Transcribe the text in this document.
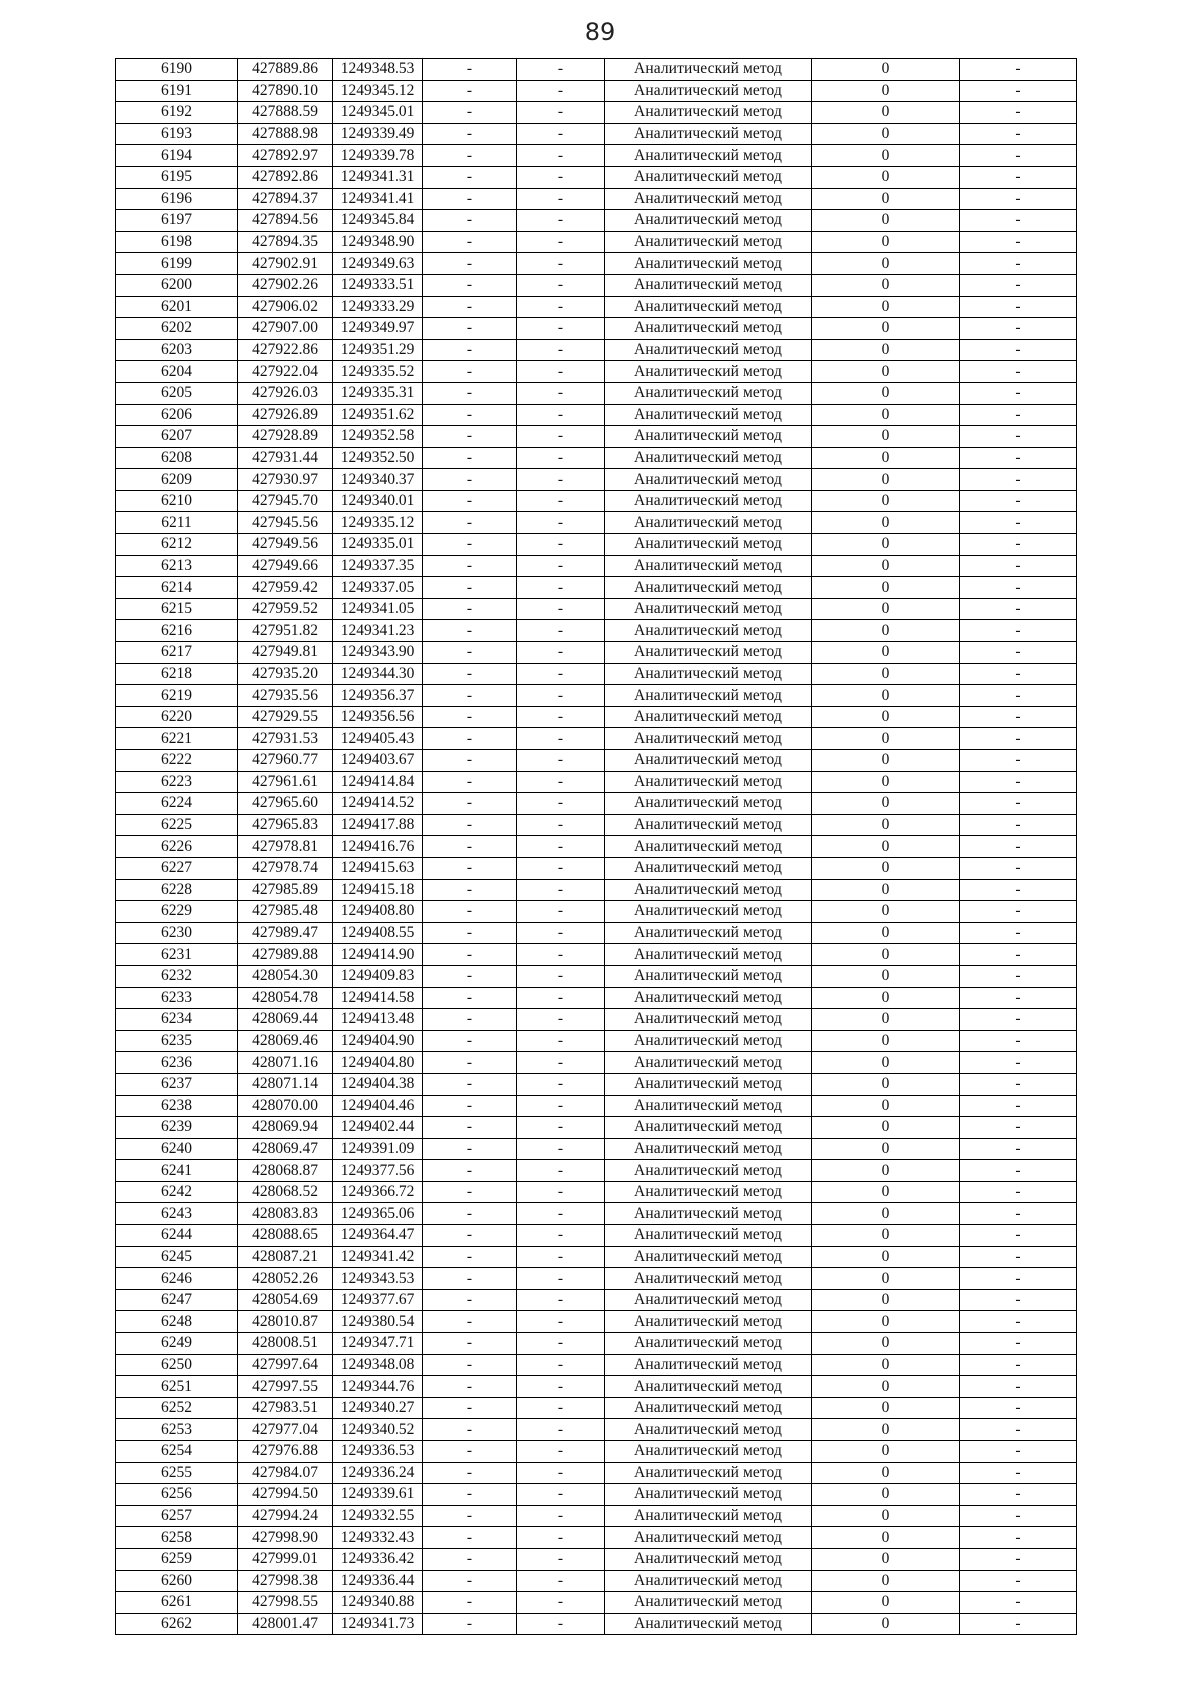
89
6190	427889.86	1249348.53	-	-	Аналитический метод	0	-
6191	427890.10	1249345.12	-	-	Аналитический метод	0	-
6192	427888.59	1249345.01	-	-	Аналитический метод	0	-
6193	427888.98	1249339.49	-	-	Аналитический метод	0	-
6194	427892.97	1249339.78	-	-	Аналитический метод	0	-
6195	427892.86	1249341.31	-	-	Аналитический метод	0	-
6196	427894.37	1249341.41	-	-	Аналитический метод	0	-
6197	427894.56	1249345.84	-	-	Аналитический метод	0	-
6198	427894.35	1249348.90	-	-	Аналитический метод	0	-
6199	427902.91	1249349.63	-	-	Аналитический метод	0	-
6200	427902.26	1249333.51	-	-	Аналитический метод	0	-
6201	427906.02	1249333.29	-	-	Аналитический метод	0	-
6202	427907.00	1249349.97	-	-	Аналитический метод	0	-
6203	427922.86	1249351.29	-	-	Аналитический метод	0	-
6204	427922.04	1249335.52	-	-	Аналитический метод	0	-
6205	427926.03	1249335.31	-	-	Аналитический метод	0	-
6206	427926.89	1249351.62	-	-	Аналитический метод	0	-
6207	427928.89	1249352.58	-	-	Аналитический метод	0	-
6208	427931.44	1249352.50	-	-	Аналитический метод	0	-
6209	427930.97	1249340.37	-	-	Аналитический метод	0	-
6210	427945.70	1249340.01	-	-	Аналитический метод	0	-
6211	427945.56	1249335.12	-	-	Аналитический метод	0	-
6212	427949.56	1249335.01	-	-	Аналитический метод	0	-
6213	427949.66	1249337.35	-	-	Аналитический метод	0	-
6214	427959.42	1249337.05	-	-	Аналитический метод	0	-
6215	427959.52	1249341.05	-	-	Аналитический метод	0	-
6216	427951.82	1249341.23	-	-	Аналитический метод	0	-
6217	427949.81	1249343.90	-	-	Аналитический метод	0	-
6218	427935.20	1249344.30	-	-	Аналитический метод	0	-
6219	427935.56	1249356.37	-	-	Аналитический метод	0	-
6220	427929.55	1249356.56	-	-	Аналитический метод	0	-
6221	427931.53	1249405.43	-	-	Аналитический метод	0	-
6222	427960.77	1249403.67	-	-	Аналитический метод	0	-
6223	427961.61	1249414.84	-	-	Аналитический метод	0	-
6224	427965.60	1249414.52	-	-	Аналитический метод	0	-
6225	427965.83	1249417.88	-	-	Аналитический метод	0	-
6226	427978.81	1249416.76	-	-	Аналитический метод	0	-
6227	427978.74	1249415.63	-	-	Аналитический метод	0	-
6228	427985.89	1249415.18	-	-	Аналитический метод	0	-
6229	427985.48	1249408.80	-	-	Аналитический метод	0	-
6230	427989.47	1249408.55	-	-	Аналитический метод	0	-
6231	427989.88	1249414.90	-	-	Аналитический метод	0	-
6232	428054.30	1249409.83	-	-	Аналитический метод	0	-
6233	428054.78	1249414.58	-	-	Аналитический метод	0	-
6234	428069.44	1249413.48	-	-	Аналитический метод	0	-
6235	428069.46	1249404.90	-	-	Аналитический метод	0	-
6236	428071.16	1249404.80	-	-	Аналитический метод	0	-
6237	428071.14	1249404.38	-	-	Аналитический метод	0	-
6238	428070.00	1249404.46	-	-	Аналитический метод	0	-
6239	428069.94	1249402.44	-	-	Аналитический метод	0	-
6240	428069.47	1249391.09	-	-	Аналитический метод	0	-
6241	428068.87	1249377.56	-	-	Аналитический метод	0	-
6242	428068.52	1249366.72	-	-	Аналитический метод	0	-
6243	428083.83	1249365.06	-	-	Аналитический метод	0	-
6244	428088.65	1249364.47	-	-	Аналитический метод	0	-
6245	428087.21	1249341.42	-	-	Аналитический метод	0	-
6246	428052.26	1249343.53	-	-	Аналитический метод	0	-
6247	428054.69	1249377.67	-	-	Аналитический метод	0	-
6248	428010.87	1249380.54	-	-	Аналитический метод	0	-
6249	428008.51	1249347.71	-	-	Аналитический метод	0	-
6250	427997.64	1249348.08	-	-	Аналитический метод	0	-
6251	427997.55	1249344.76	-	-	Аналитический метод	0	-
6252	427983.51	1249340.27	-	-	Аналитический метод	0	-
6253	427977.04	1249340.52	-	-	Аналитический метод	0	-
6254	427976.88	1249336.53	-	-	Аналитический метод	0	-
6255	427984.07	1249336.24	-	-	Аналитический метод	0	-
6256	427994.50	1249339.61	-	-	Аналитический метод	0	-
6257	427994.24	1249332.55	-	-	Аналитический метод	0	-
6258	427998.90	1249332.43	-	-	Аналитический метод	0	-
6259	427999.01	1249336.42	-	-	Аналитический метод	0	-
6260	427998.38	1249336.44	-	-	Аналитический метод	0	-
6261	427998.55	1249340.88	-	-	Аналитический метод	0	-
6262	428001.47	1249341.73	-	-	Аналитический метод	0	-
